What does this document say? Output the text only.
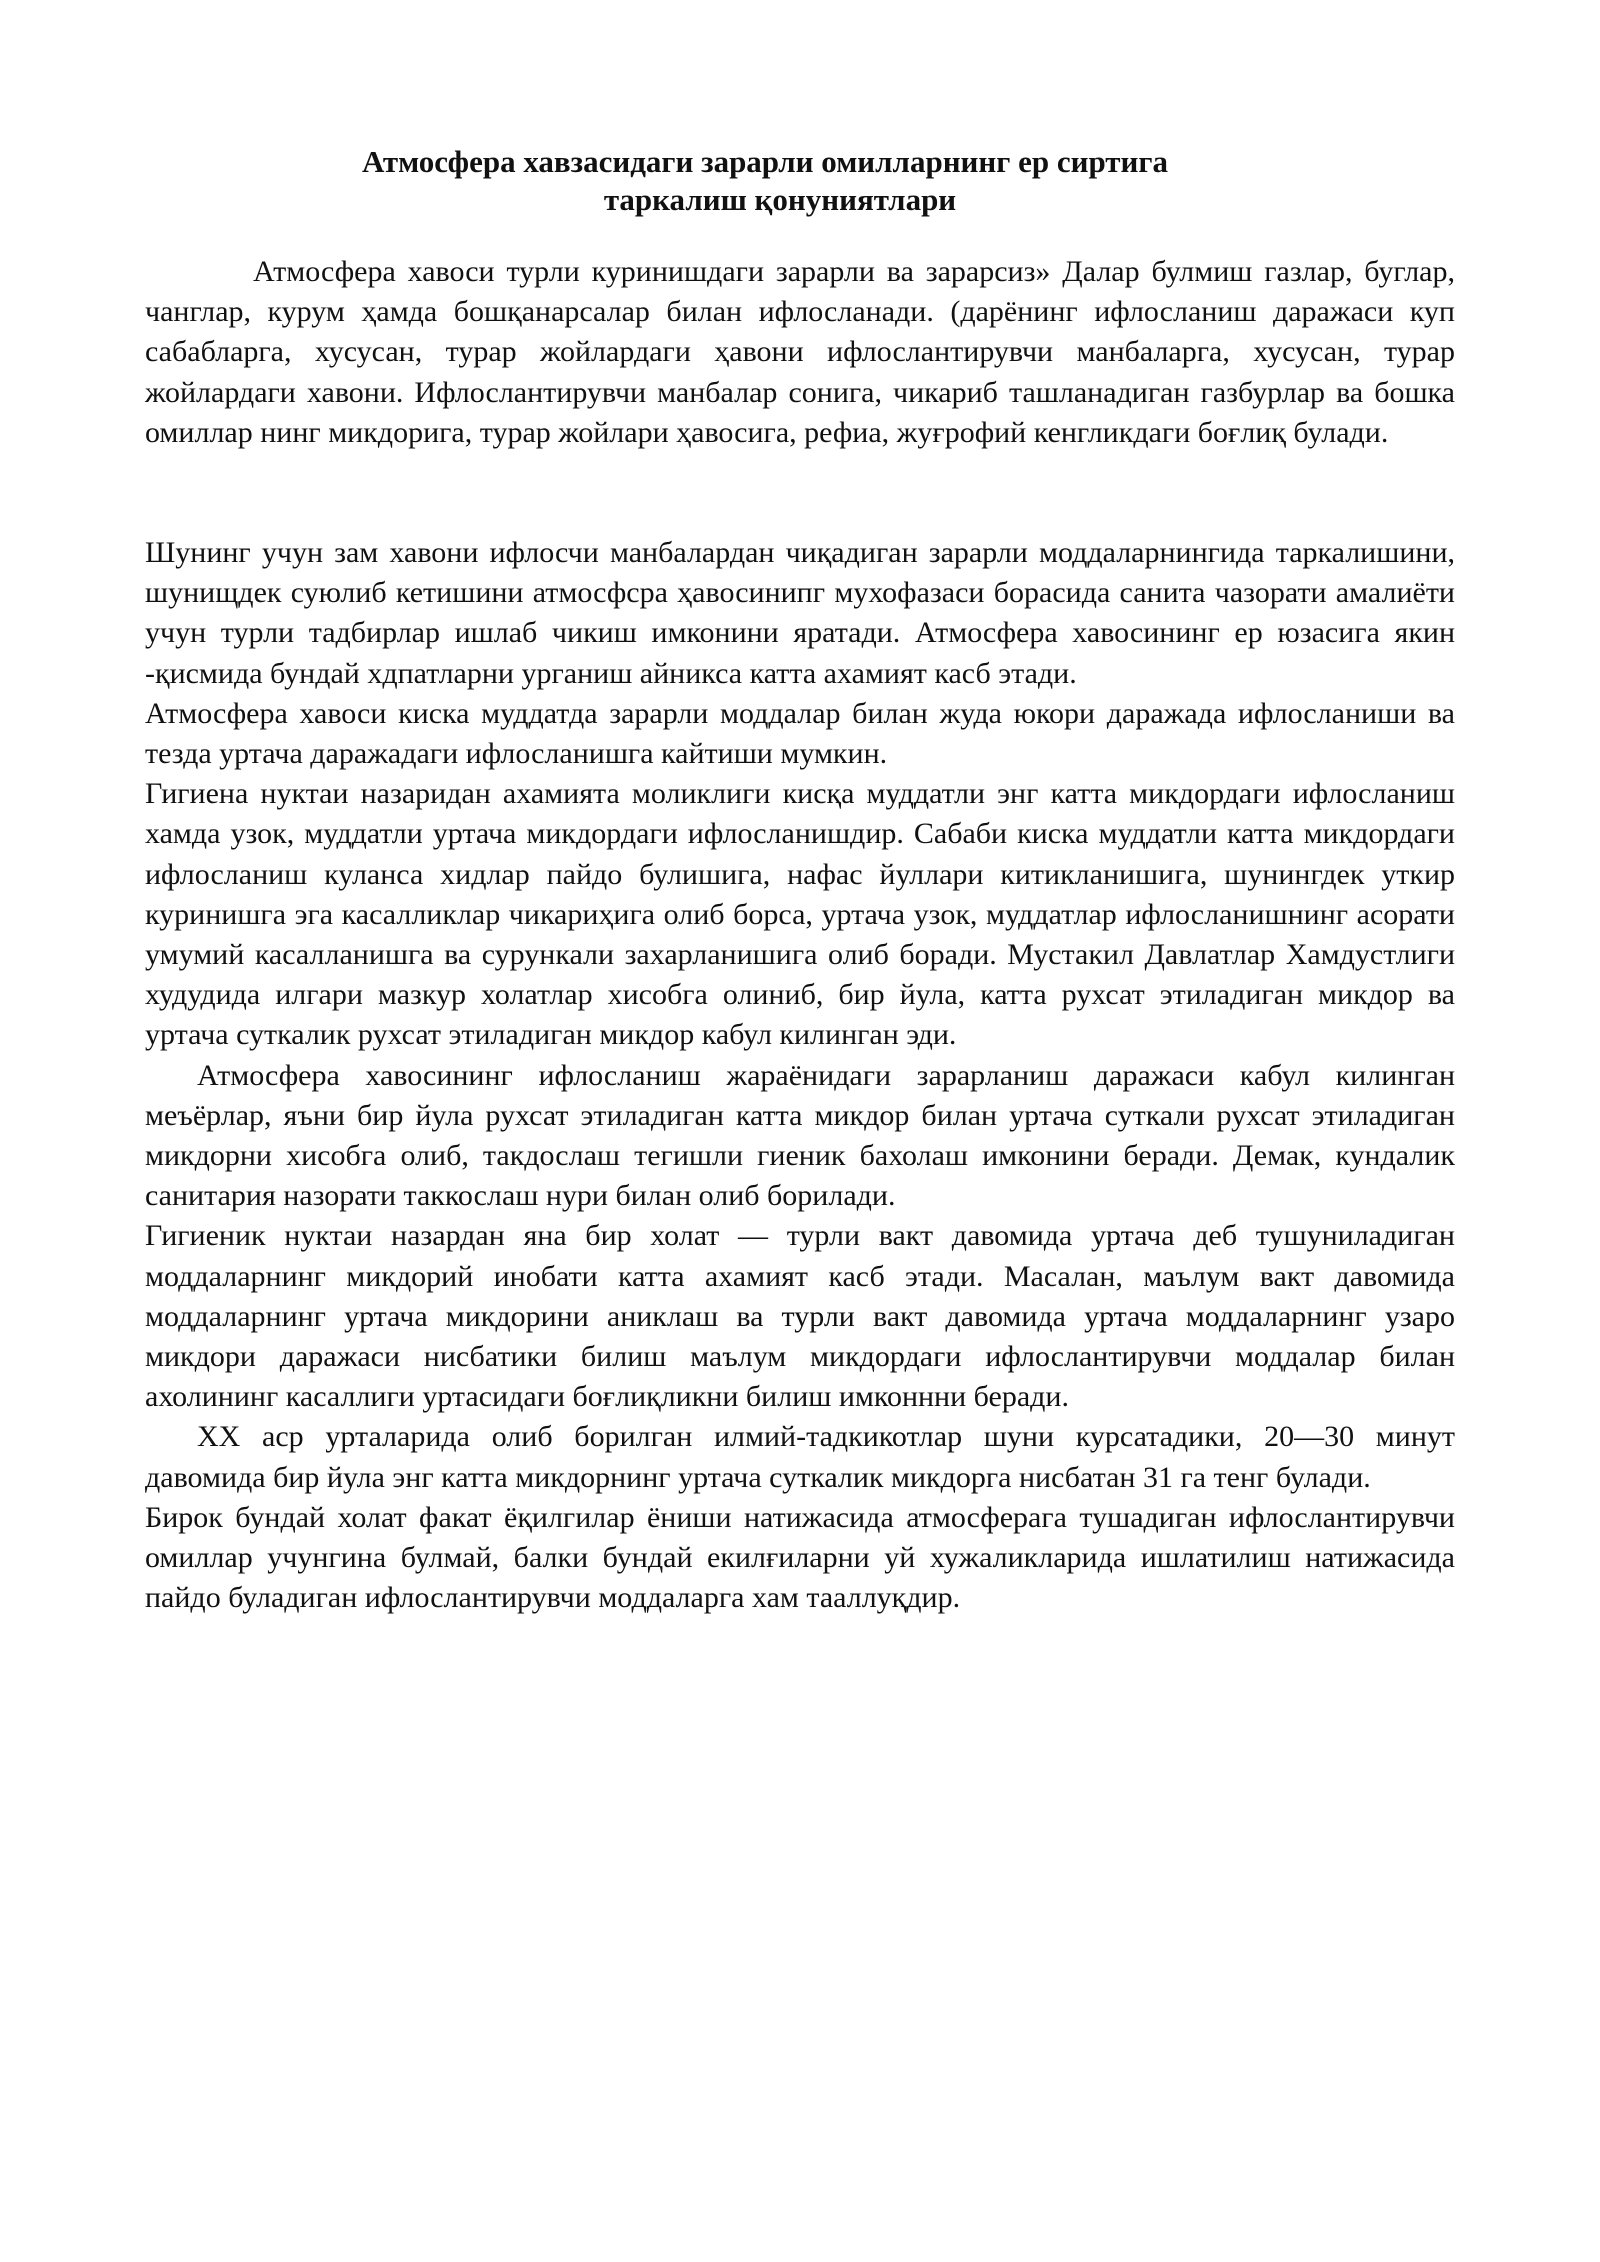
Атмосфера хавзасидаги зарарли омилларнинг ер сиртига
таркалиш қонуниятлари

Атмосфера хавоси турли куринишдаги зарарли ва зарарсиз» Далар булмиш газлар, буглар, чанглар, курум ҳамда бошқанарсалар билан ифлосланади. (дарёнинг ифлосланиш даражаси куп сабабларга, хусусан, турар жойлардаги ҳавони ифлослантирувчи манбаларга, хусусан, турар жойлардаги хавони. Ифлослантирувчи манбалар сонига, чикариб ташланадиган газбурлар ва бошка омиллар нинг микдорига, турар жойлари ҳавосига, рефиа, жуғрофий кенгликдаги боғлиқ булади.

Шунинг учун зам хавони ифлосчи манбалардан чиқадиган зарарли моддаларнингида таркалишини, шунищдек суюлиб кетишини атмосфсра ҳавосинипг мухофазаси борасида санита чазорати амалиёти учун турли тадбирлар ишлаб чикиш имконини яратади. Атмосфера хавосининг ер юзасига якин -қисмида бундай хдпатларни урганиш айникса катта ахамият касб этади.

Атмосфера хавоси киска муддатда зарарли моддалар билан жуда юкори даражада ифлосланиши ва тезда уртача даражадаги ифлосланишга кайтиши мумкин.

Гигиена нуктаи назаридан ахамията моликлиги кисқа муддатли энг катта микдордаги ифлосланиш хамда узок, муддатли уртача микдордаги ифлосланишдир. Сабаби киска муддатли катта микдордаги ифлосланиш куланса хидлар пайдо булишига, нафас йуллари китикланишига, шунингдек уткир куринишга эга касалликлар чикариҳига олиб борса, уртача узок, муддатлар ифлосланишнинг асорати умумий касалланишга ва сурункали захарланишига олиб боради. Мустакил Давлатлар Хамдустлиги худудида илгари мазкур холатлар хисобга олиниб, бир йула, катта рухсат этиладиган микдор ва уртача суткалик рухсат этиладиган микдор кабул килинган эди.

Атмосфера хавосининг ифлосланиш жараёнидаги зарарланиш даражаси кабул килинган меъёрлар, яъни бир йула рухсат этиладиган катта микдор билан уртача суткали рухсат этиладиган микдорни хисобга олиб, такдослаш тегишли гиеник бахолаш имконини беради. Демак, кундалик санитария назорати таккослаш нури билан олиб борилади.

Гигиеник нуктаи назардан яна бир холат — турли вакт давомида уртача деб тушуниладиган моддаларнинг микдорий инобати катта ахамият касб этади. Масалан, маълум вакт давомида моддаларнинг уртача микдорини аниклаш ва турли вакт давомида уртача моддаларнинг узаро микдори даражаси нисбатики билиш маълум микдордаги ифлослантирувчи моддалар билан ахолининг касаллиги уртасидаги боғлиқликни билиш имконнни беради.

XX аср урталарида олиб борилган илмий-тадкикотлар шуни курсатадики, 20—30 минут давомида бир йула энг катта микдорнинг уртача суткалик микдорга нисбатан 31 га тенг булади.

Бирок бундай холат факат ёқилгилар ёниши натижасида атмосферага тушадиган ифлослантирувчи омиллар учунгина булмай, балки бундай екилғиларни уй хужаликларида ишлатилиш натижасида пайдо буладиган ифлослантирувчи моддаларга хам тааллуқдир.
